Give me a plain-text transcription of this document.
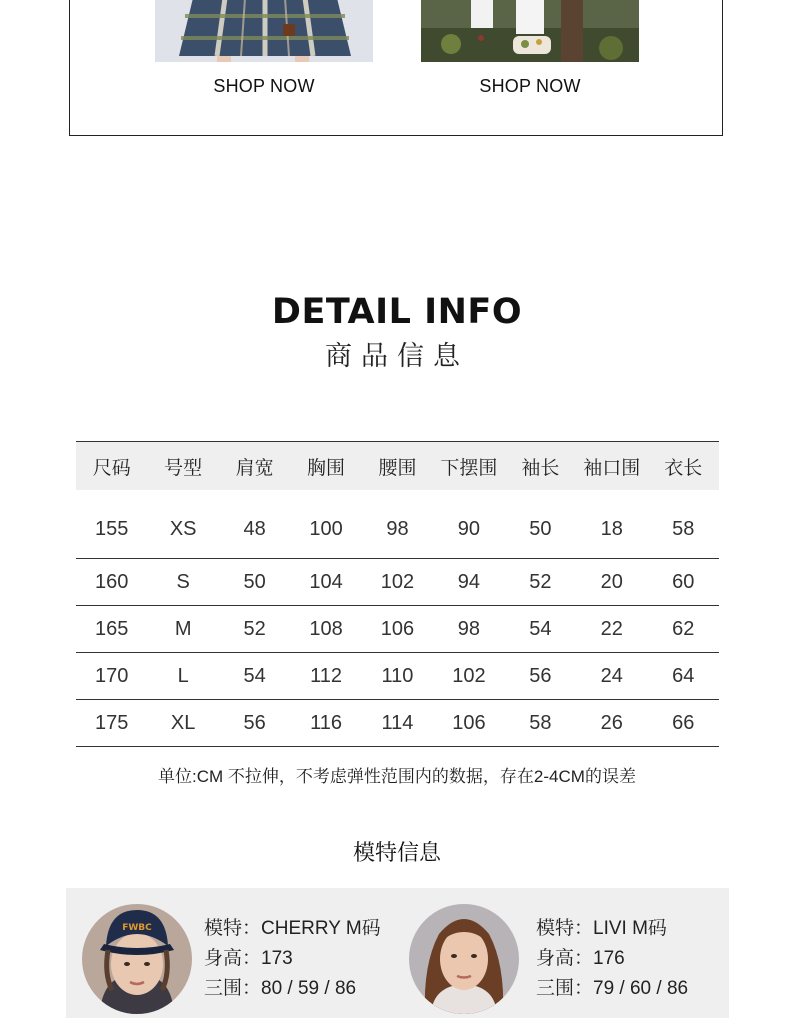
SHOP NOW	SHOP NOW
DETAIL INFO
商品信息
尺码	号型	肩宽	胸围	腰围	下摆围	袖长	袖口围	衣长
155	XS	48	100	98	90	50	18	58
160	S	50	104	102	94	52	20	60
165	M	52	108	106	98	54	22	62
170	L	54	112	110	102	56	24	64
175	XL	56	116	114	106	58	26	66
单位:CM 不拉伸，不考虑弹性范围内的数据，存在2-4CM的误差
模特信息
FWBC	模特：CHERRY M码
身高：173
三围：80 / 59 / 86
模特：LIVI M码
身高：176
三围：79 / 60 / 86
